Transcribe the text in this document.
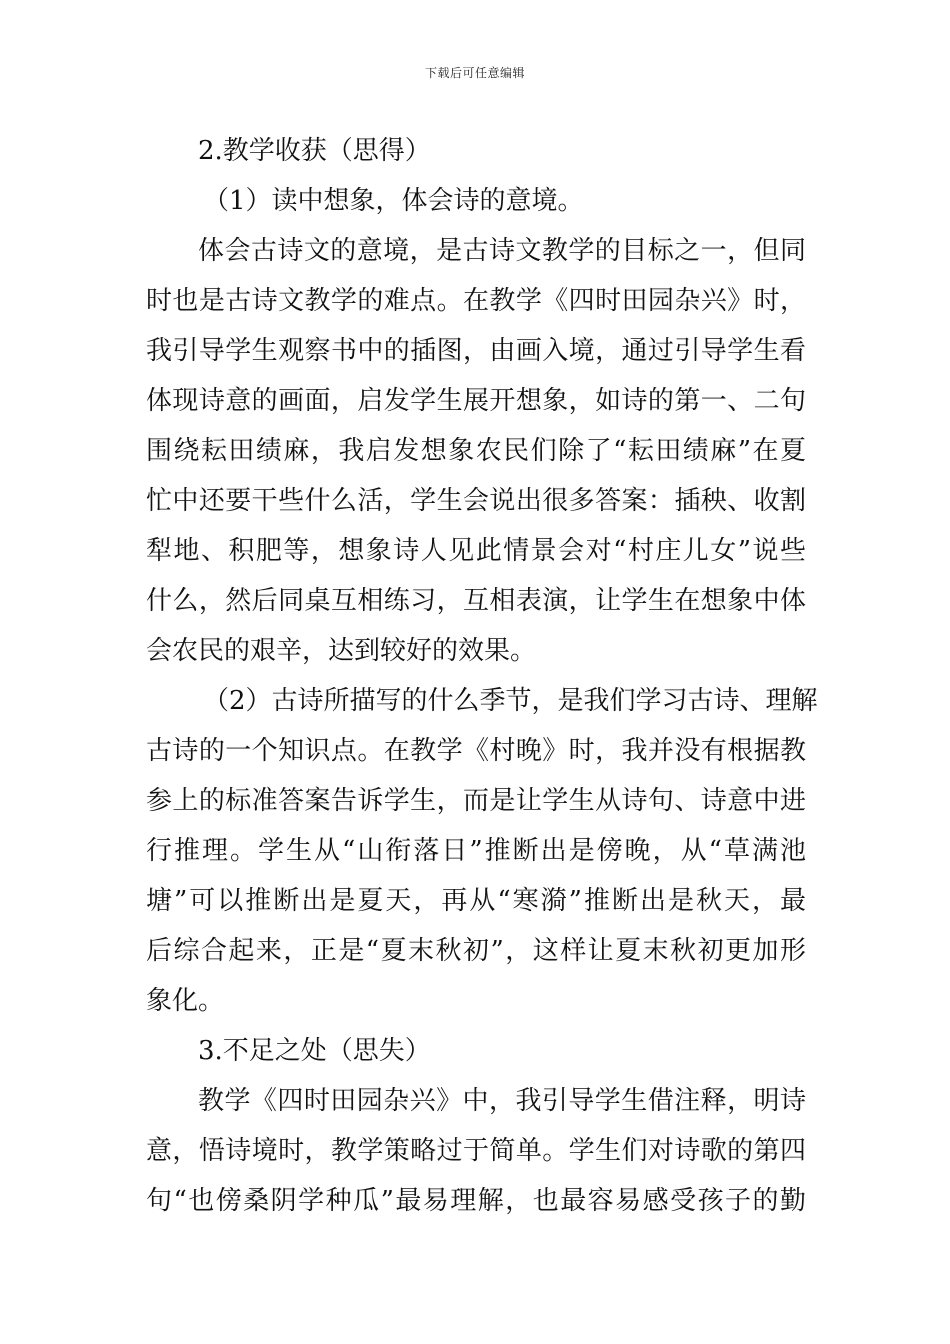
下载后可任意编辑
2.教学收获（思得）
（1）读中想象，体会诗的意境。
体会古诗文的意境，是古诗文教学的目标之一，但同
时也是古诗文教学的难点。在教学《四时田园杂兴》时，
我引导学生观察书中的插图，由画入境，通过引导学生看
体现诗意的画面，启发学生展开想象，如诗的第一、二句
围绕耘田绩麻，我启发想象农民们除了“耘田绩麻”在夏
忙中还要干些什么活，学生会说出很多答案：插秧、收割
犁地、积肥等，想象诗人见此情景会对“村庄儿女”说些
什么，然后同桌互相练习，互相表演，让学生在想象中体
会农民的艰辛，达到较好的效果。
（2）古诗所描写的什么季节，是我们学习古诗、理解
古诗的一个知识点。在教学《村晚》时，我并没有根据教
参上的标准答案告诉学生，而是让学生从诗句、诗意中进
行推理。学生从“山衔落日”推断出是傍晚，从“草满池
塘”可以推断出是夏天，再从“寒漪”推断出是秋天，最
后综合起来，正是“夏末秋初”，这样让夏末秋初更加形
象化。
3.不足之处（思失）
教学《四时田园杂兴》中，我引导学生借注释，明诗
意，悟诗境时，教学策略过于简单。学生们对诗歌的第四
句“也傍桑阴学种瓜”最易理解，也最容易感受孩子的勤
